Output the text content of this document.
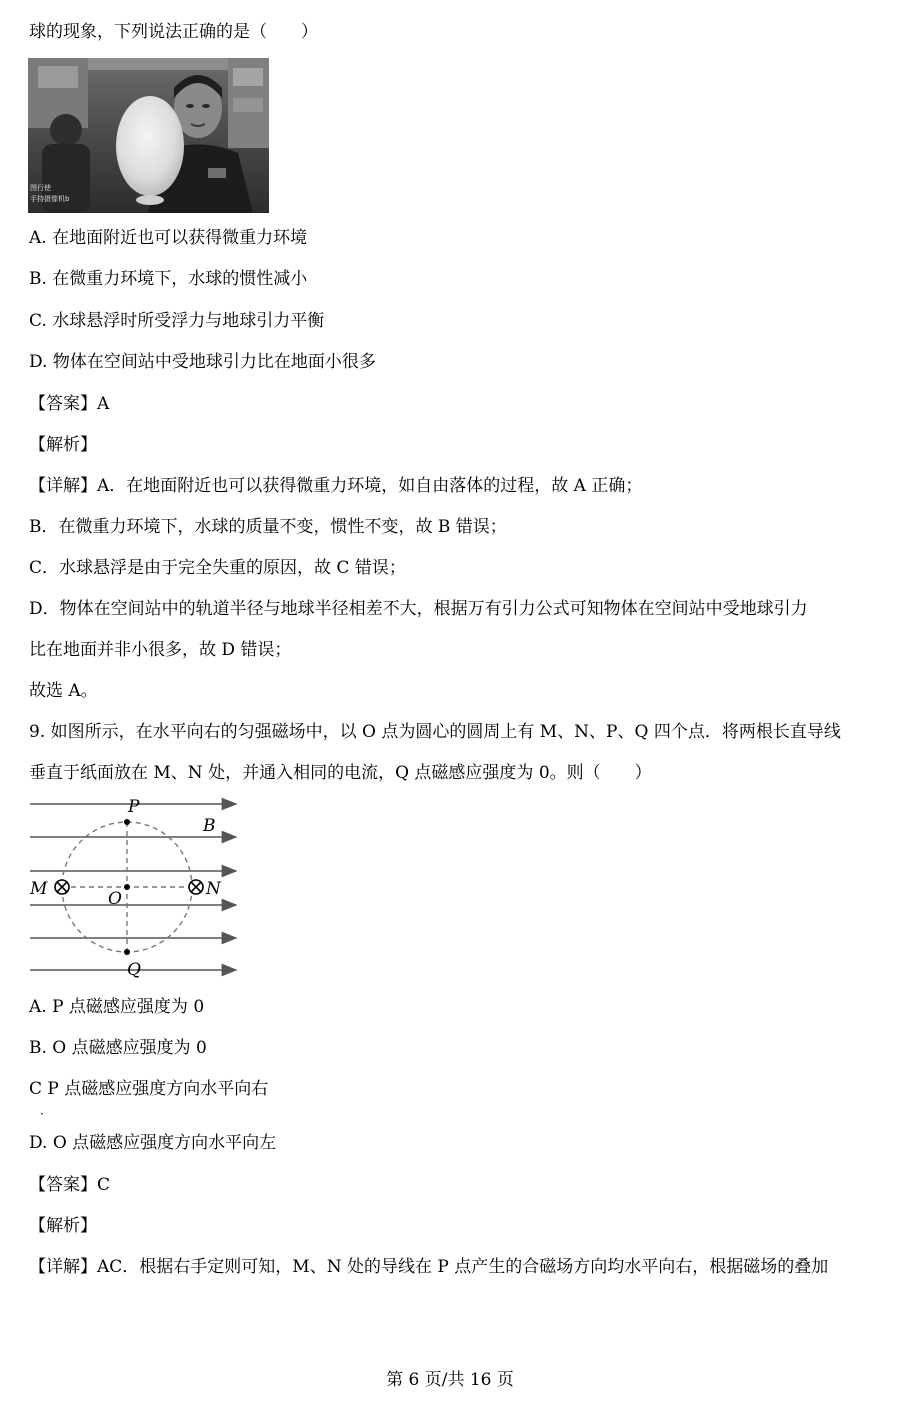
球的现象，下列说法正确的是（ ）

图行使
手持摄像机b

A. 在地面附近也可以获得微重力环境

B. 在微重力环境下，水球的惯性减小

C. 水球悬浮时所受浮力与地球引力平衡

D. 物体在空间站中受地球引力比在地面小很多

【答案】A

【解析】

【详解】A．在地面附近也可以获得微重力环境，如自由落体的过程，故 A 正确；

B．在微重力环境下，水球的质量不变，惯性不变，故 B 错误；

C．水球悬浮是由于完全失重的原因，故 C 错误；

D．物体在空间站中的轨道半径与地球半径相差不大，根据万有引力公式可知物体在空间站中受地球引力

比在地面并非小很多，故 D 错误；

故选 A。

9. 如图所示，在水平向右的匀强磁场中，以 O 点为圆心的圆周上有 M、N、P、Q 四个点．将两根长直导线

垂直于纸面放在 M、N 处，并通入相同的电流，Q 点磁感应强度为 0。则（ ）

P
B
M	N
O
Q

A. P 点磁感应强度为 0

B. O 点磁感应强度为 0

C P 点磁感应强度方向水平向右

．

D. O 点磁感应强度方向水平向左

【答案】C

【解析】

【详解】AC．根据右手定则可知，M、N 处的导线在 P 点产生的合磁场方向均水平向右，根据磁场的叠加

第 6 页/共 16 页
